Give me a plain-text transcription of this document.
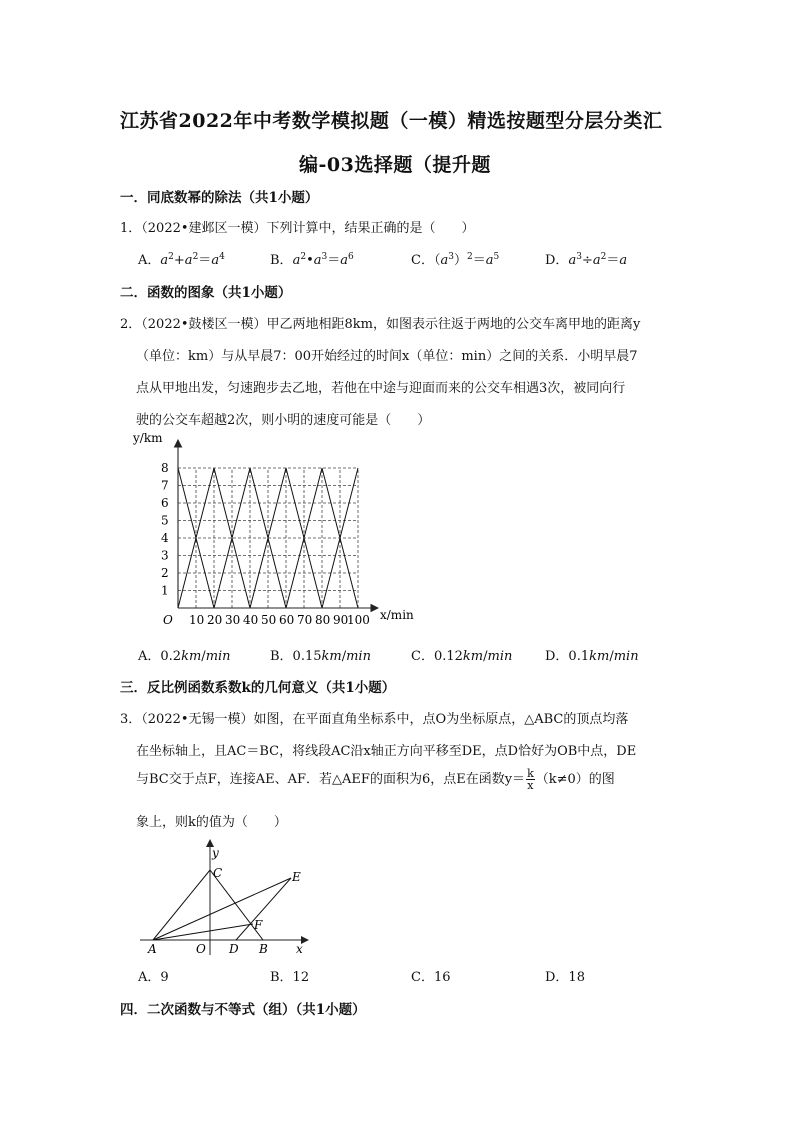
江苏省2022年中考数学模拟题（一模）精选按题型分层分类汇
编-03选择题（提升题
一．同底数幂的除法（共1小题）
1．（2022•建邺区一模）下列计算中，结果正确的是（　　）
A．$a^2+a^2=a^4$	B．$a^2•a^3=a^6$	C．$(a^3)^2=a^5$	D．$a^3\div a^2=a$
二．函数的图象（共1小题）
2．（2022•鼓楼区一模）甲乙两地相距8km，如图表示往返于两地的公交车离甲地的距离y
（单位：km）与从早晨7：00开始经过的时间x（单位：min）之间的关系．小明早晨7
点从甲地出发，匀速跑步去乙地，若他在中途与迎面而来的公交车相遇3次，被同向行
驶的公交车超越2次，则小明的速度可能是（　　）
y/km
x/min
O
1
2
3
4
5
6
7
8
10 20 30 40 50 60 70 80 90
100
A．0.2km/min	B．0.15km/min	C．0.12km/min	D．0.1km/min
三．反比例函数系数k的几何意义（共1小题）
3．（2022•无锡一模）如图，在平面直角坐标系中，点O为坐标原点，△ABC的顶点均落
在坐标轴上，且AC＝BC，将线段AC沿x轴正方向平移至DE，点D恰好为OB中点，DE
与BC交于点F，连接AE、AF．若△AEF的面积为6，点E在函数$y= \frac{k}{x} (k\ne 0)$的图
象上，则k的值为（　　）
y
C	E
F
A	O D B x
A．9	B．12	C．16	D．18
四．二次函数与不等式（组）（共1小题）
